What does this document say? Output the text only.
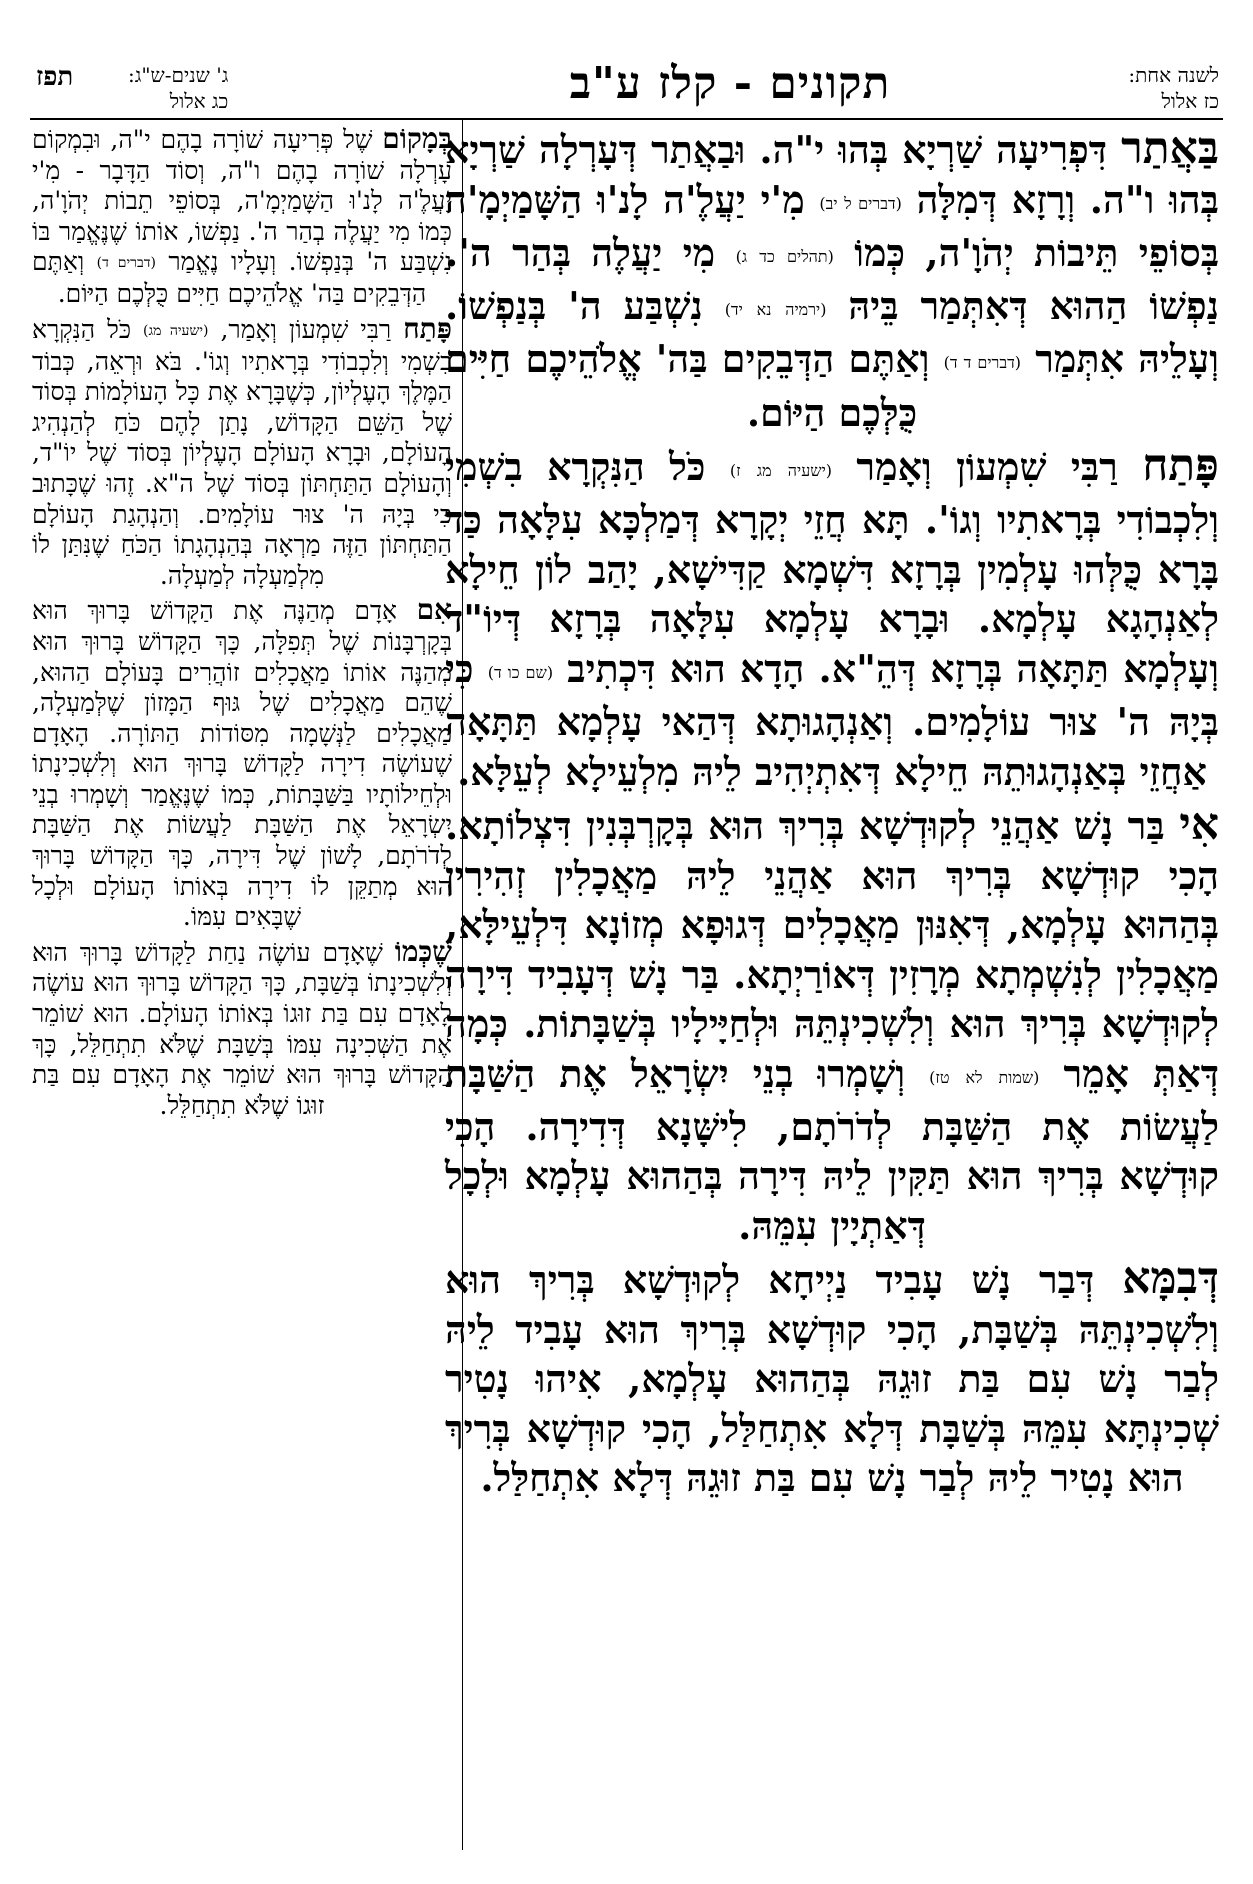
לשנה אחת:
כז אלול
תקונים - קלז ע"ב
ג' שנים-ש"ג:
כג אלול
תפז

בַּאֲתַר דִּפְרִיעָה שַׁרְיָא בְּהוּ י"ה. וּבַאֲתַר דְּעָרְלָה שַׁרְיָא בְּהוּ ו"ה. וְרָזָא דְּמִלָּה (דברים ל יב) מִ'י יַעֲלֶ'ה לָנ'וּ הַשָּׁמַיְמָ'ה בְּסוֹפֵי תֵּיבוֹת יְהֹוָ'ה, כְּמוֹ (תהלים כד ג) מִי יַעֲלֶה בְּהַר ה'. נַפְשׁוֹ הַהוּא דְּאִתְּמַר בֵּיהּ (ירמיה נא יד) נִשְׁבַּע ה' בְּנַפְשׁוֹ. וְעָלֵיהּ אִתְּמַר (דברים ד ד) וְאַתֶּם הַדְּבֵקִים בַּה' אֱלֹהֵיכֶם חַיִּים כֻּלְּכֶם הַיּוֹם.

פָּתַח רַבִּי שִׁמְעוֹן וְאָמַר (ישעיה מג ז) כֹּל הַנִּקְרָא בִשְׁמִי וְלִכְבוֹדִי בְּרָאתִיו וְגוֹ'. תָּא חֲזֵי יְקָרָא דְּמַלְכָּא עִלָּאָה כַּד בָּרָא כֻּלְּהוּ עָלְמִין בְּרָזָא דִּשְׁמָא קַדִּישָׁא, יָהַב לוֹן חֵילָא לְאַנְהָגָא עָלְמָא. וּבָרָא עָלְמָא עִלָּאָה בְּרָזָא דְּיוֹ"ד וְעָלְמָא תַּתָּאָה בְּרָזָא דְּהֵ"א. הָדָא הוּא דִּכְתִיב (שם כו ד) כִּי בְּיָהּ ה' צוּר עוֹלָמִים. וְאַנְהָגוּתָא דְּהַאי עָלְמָא תַּתָּאָה אַחֲזֵי בְּאַנְהָגוּתֵהּ חֵילָא דְּאִתְיְהִיב לֵיהּ מִלְעֵילָא לְעֵלָּא.

אִי בַּר נָשׁ אַהֲנֵי לְקוּדְשָׁא בְּרִיךְ הוּא בְּקָרְבְּנִין דִּצְלוֹתָא. הָכִי קוּדְשָׁא בְּרִיךְ הוּא אַהֲנֵי לֵיהּ מַאֲכָלִין זְהִירִין בְּהַהוּא עָלְמָא, דְּאִנּוּן מַאֲכָלִים דְּגוּפָא מְזוֹנָא דִּלְעֵילָּא, מַאֲכָלִין לְנִשְׁמְתָא מְרָזִין דְּאוֹרַיְתָא. בַּר נָשׁ דְּעָבִיד דִּירָה לְקוּדְשָׁא בְּרִיךְ הוּא וְלִשְׁכִינְתֵּהּ וּלְחַיָּילָיו בְּשַׁבָּתוֹת. כְּמָה דְּאַתְּ אָמֵר (שמות לא טז) וְשָׁמְרוּ בְנֵי יִשְׂרָאֵל אֶת הַשַּׁבָּת לַעֲשׂוֹת אֶת הַשַּׁבָּת לְדֹרֹתָם, לִישָּׁנָא דְּדִירָה. הָכִי קוּדְשָׁא בְּרִיךְ הוּא תַּקִּין לֵיהּ דִּירָה בְּהַהוּא עָלְמָא וּלְכָל דְּאַתְיָין עִמֵּהּ.

דְּבִמָּא דְּבַר נָשׁ עָבִיד נַיְיחָא לְקוּדְשָׁא בְּרִיךְ הוּא וְלִשְׁכִינְתֵּהּ בְּשַׁבָּת, הָכִי קוּדְשָׁא בְּרִיךְ הוּא עָבִיד לֵיהּ לְבַר נָשׁ עִם בַּת זוּגֵהּ בְּהַהוּא עָלְמָא, אִיהוּ נָטִיר שְׁכִינְתָּא עִמֵּהּ בְּשַׁבָּת דְּלָא אִתְחַלַּל, הָכִי קוּדְשָׁא בְּרִיךְ הוּא נָטִיר לֵיהּ לְבַר נָשׁ עִם בַּת זוּגֵהּ דְּלָא אִתְחַלַּל.

בְּמָקוֹם שֶׁל פְּרִיעָה שׁוֹרָה בָהֶם י"ה, וּבִמְקוֹם עָרְלָה שׁוֹרָה בָהֶם ו"ה, וְסוֹד הַדָּבָר - מִ'י יַעֲלֶ'ה לָנ'וּ הַשָּׁמַיְמָ'ה, בְּסוֹפֵי תֵבוֹת יְהֹוָ'ה, כְּמוֹ מִי יַעֲלֶה בְהַר ה'. נַפְשׁוֹ, אוֹתוֹ שֶׁנֶּאֱמַר בּוֹ נִשְׁבַּע ה' בְּנַפְשׁוֹ. וְעָלָיו נֶאֱמַר (דברים ד) וְאַתֶּם הַדְּבֵקִים בַּה' אֱלֹהֵיכֶם חַיִּים כֻּלְּכֶם הַיּוֹם.

פָּתַח רַבִּי שִׁמְעוֹן וְאָמַר, (ישעיה מג) כֹּל הַנִּקְרָא בִשְׁמִי וְלִכְבוֹדִי בְּרָאתִיו וְגוֹ'. בֹּא וּרְאֵה, כְּבוֹד הַמֶּלֶךְ הָעֶלְיוֹן, כְּשֶׁבָּרָא אֶת כָּל הָעוֹלָמוֹת בְּסוֹד שֶׁל הַשֵּׁם הַקָּדוֹשׁ, נָתַן לָהֶם כֹּחַ לְהַנְהִיג הָעוֹלָם, וּבָרָא הָעוֹלָם הָעֶלְיוֹן בְּסוֹד שֶׁל יוֹ"ד, וְהָעוֹלָם הַתַּחְתּוֹן בְּסוֹד שֶׁל ה"א. זֶהוּ שֶׁכָּתוּב כִּי בְּיָהּ ה' צוּר עוֹלָמִים. וְהַנְהָגַת הָעוֹלָם הַתַּחְתּוֹן הַזֶּה מַרְאָה בְּהַנְהָגָתוֹ הַכֹּחַ שֶׁנִּתַּן לוֹ מִלְמַעְלָה לְמַעְלָה.

אִם אָדָם מְהַנֶּה אֶת הַקָּדוֹשׁ בָּרוּךְ הוּא בְּקָרְבָּנוֹת שֶׁל תְּפִלָּה, כָּךְ הַקָּדוֹשׁ בָּרוּךְ הוּא מְהַנֶּה אוֹתוֹ מַאֲכָלִים זוֹהֲרִים בָּעוֹלָם הַהוּא, שֶׁהֵם מַאֲכָלִים שֶׁל גּוּף הַמָּזוֹן שֶׁלְּמַעְלָה, מַאֲכָלִים לַנְּשָׁמָה מִסּוֹדוֹת הַתּוֹרָה. הָאָדָם שֶׁעוֹשֶׂה דִירָה לַקָּדוֹשׁ בָּרוּךְ הוּא וְלִשְׁכִינָתוֹ וּלְחֵילוֹתָיו בַּשַּׁבָּתוֹת, כְּמוֹ שֶׁנֶּאֱמַר וְשָׁמְרוּ בְנֵי יִשְׂרָאֵל אֶת הַשַּׁבָּת לַעֲשׂוֹת אֶת הַשַּׁבָּת לְדֹרֹתָם, לָשׁוֹן שֶׁל דִּירָה, כָּךְ הַקָּדוֹשׁ בָּרוּךְ הוּא מְתַקֵּן לוֹ דִירָה בְּאוֹתוֹ הָעוֹלָם וּלְכָל שֶׁבָּאִים עִמּוֹ.

שֶׁכְּמוֹ שֶׁאָדָם עוֹשֶׂה נַחַת לַקָּדוֹשׁ בָּרוּךְ הוּא וְלִשְׁכִינָתוֹ בְּשַׁבָּת, כָּךְ הַקָּדוֹשׁ בָּרוּךְ הוּא עוֹשֶׂה לָאָדָם עִם בַּת זוּגוֹ בְּאוֹתוֹ הָעוֹלָם. הוּא שׁוֹמֵר אֶת הַשְּׁכִינָה עִמּוֹ בְּשַׁבָּת שֶׁלֹּא תִתְחַלֵּל, כָּךְ הַקָּדוֹשׁ בָּרוּךְ הוּא שׁוֹמֵר אֶת הָאָדָם עִם בַּת זוּגוֹ שֶׁלֹּא תִתְחַלֵּל.
